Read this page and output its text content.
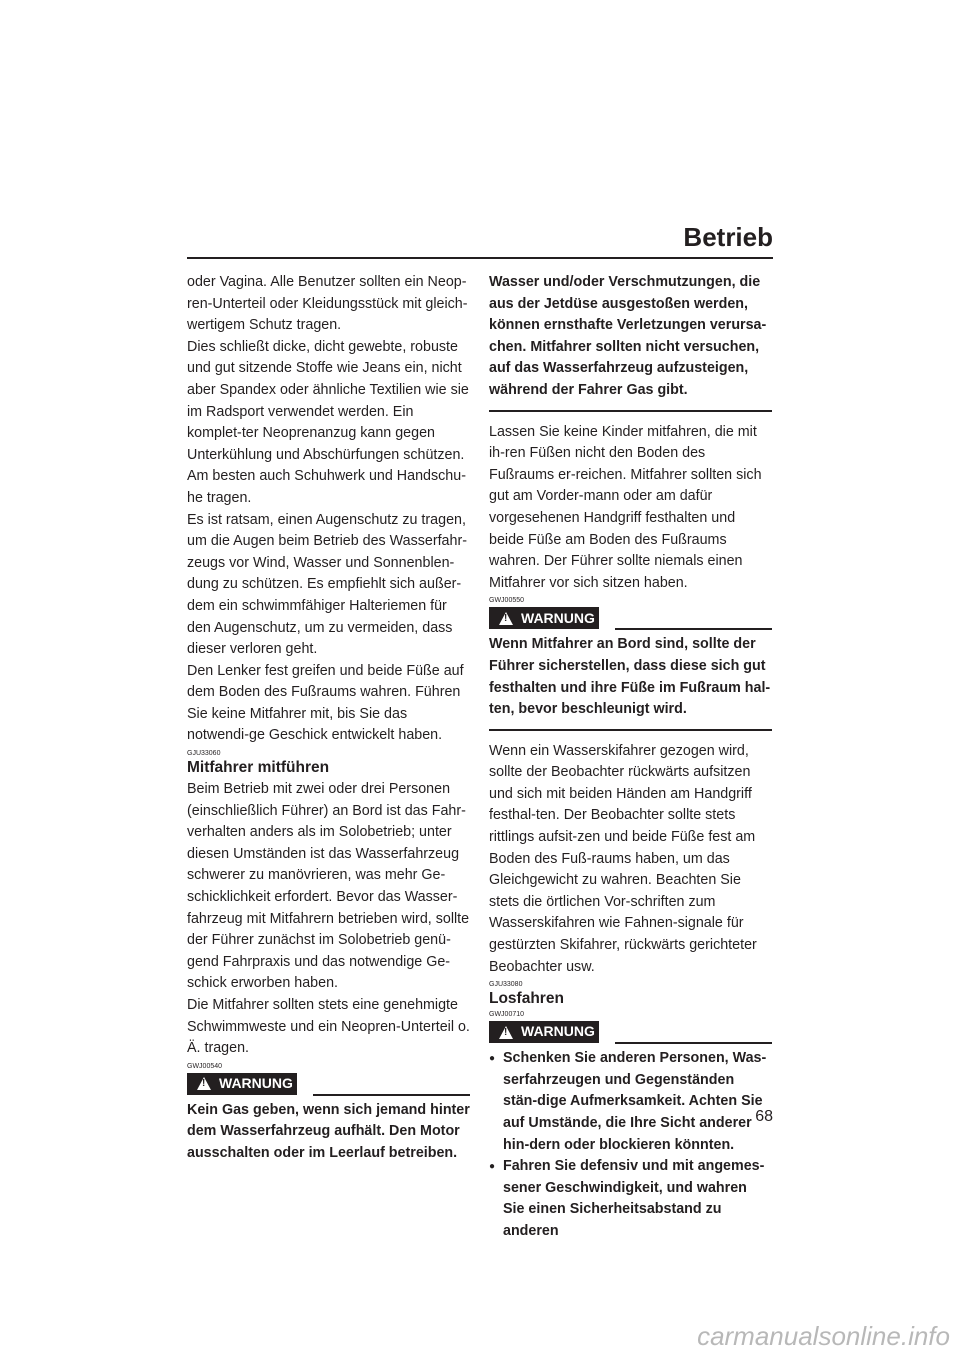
Betrieb

oder Vagina. Alle Benutzer sollten ein Neop-ren-Unterteil oder Kleidungsstück mit gleich-wertigem Schutz tragen.

Dies schließt dicke, dicht gewebte, robuste und gut sitzende Stoffe wie Jeans ein, nicht aber Spandex oder ähnliche Textilien wie sie im Radsport verwendet werden. Ein komplet-ter Neoprenanzug kann gegen Unterkühlung und Abschürfungen schützen.

Am besten auch Schuhwerk und Handschu-he tragen.

Es ist ratsam, einen Augenschutz zu tragen, um die Augen beim Betrieb des Wasserfahr-zeugs vor Wind, Wasser und Sonnenblen-dung zu schützen. Es empfiehlt sich außer-dem ein schwimmfähiger Halteriemen für den Augenschutz, um zu vermeiden, dass dieser verloren geht.

Den Lenker fest greifen und beide Füße auf dem Boden des Fußraums wahren. Führen Sie keine Mitfahrer mit, bis Sie das notwendi-ge Geschick entwickelt haben.

GJU33060
Mitfahrer mitführen

Beim Betrieb mit zwei oder drei Personen (einschließlich Führer) an Bord ist das Fahr-verhalten anders als im Solobetrieb; unter diesen Umständen ist das Wasserfahrzeug schwerer zu manövrieren, was mehr Ge-schicklichkeit erfordert. Bevor das Wasser-fahrzeug mit Mitfahrern betrieben wird, sollte der Führer zunächst im Solobetrieb genü-gend Fahrpraxis und das notwendige Ge-schick erworben haben.

Die Mitfahrer sollten stets eine genehmigte Schwimmweste und ein Neopren-Unterteil o. Ä. tragen.

GWJ00540
!
WARNUNG

Kein Gas geben, wenn sich jemand hinter dem Wasserfahrzeug aufhält. Den Motor ausschalten oder im Leerlauf betreiben.

Wasser und/oder Verschmutzungen, die aus der Jetdüse ausgestoßen werden, können ernsthafte Verletzungen verursa-chen. Mitfahrer sollten nicht versuchen, auf das Wasserfahrzeug aufzusteigen, während der Fahrer Gas gibt.

Lassen Sie keine Kinder mitfahren, die mit ih-ren Füßen nicht den Boden des Fußraums er-reichen. Mitfahrer sollten sich gut am Vorder-mann oder am dafür vorgesehenen Handgriff festhalten und beide Füße am Boden des Fußraums wahren. Der Führer sollte niemals einen Mitfahrer vor sich sitzen haben.

GWJ00550
!
WARNUNG

Wenn Mitfahrer an Bord sind, sollte der Führer sicherstellen, dass diese sich gut festhalten und ihre Füße im Fußraum hal-ten, bevor beschleunigt wird.

Wenn ein Wasserskifahrer gezogen wird, sollte der Beobachter rückwärts aufsitzen und sich mit beiden Händen am Handgriff festhal-ten. Der Beobachter sollte stets rittlings aufsit-zen und beide Füße fest am Boden des Fuß-raums haben, um das Gleichgewicht zu wahren. Beachten Sie stets die örtlichen Vor-schriften zum Wasserskifahren wie Fahnen-signale für gestürzten Skifahrer, rückwärts gerichteter Beobachter usw.

GJU33080
Losfahren
GWJ00710
!
WARNUNG
● Schenken Sie anderen Personen, Was-serfahrzeugen und Gegenständen stän-dige Aufmerksamkeit. Achten Sie auf Umstände, die Ihre Sicht anderer hin-dern oder blockieren könnten.
● Fahren Sie defensiv und mit angemes-sener Geschwindigkeit, und wahren Sie einen Sicherheitsabstand zu anderen
68
carmanualsonline.info
